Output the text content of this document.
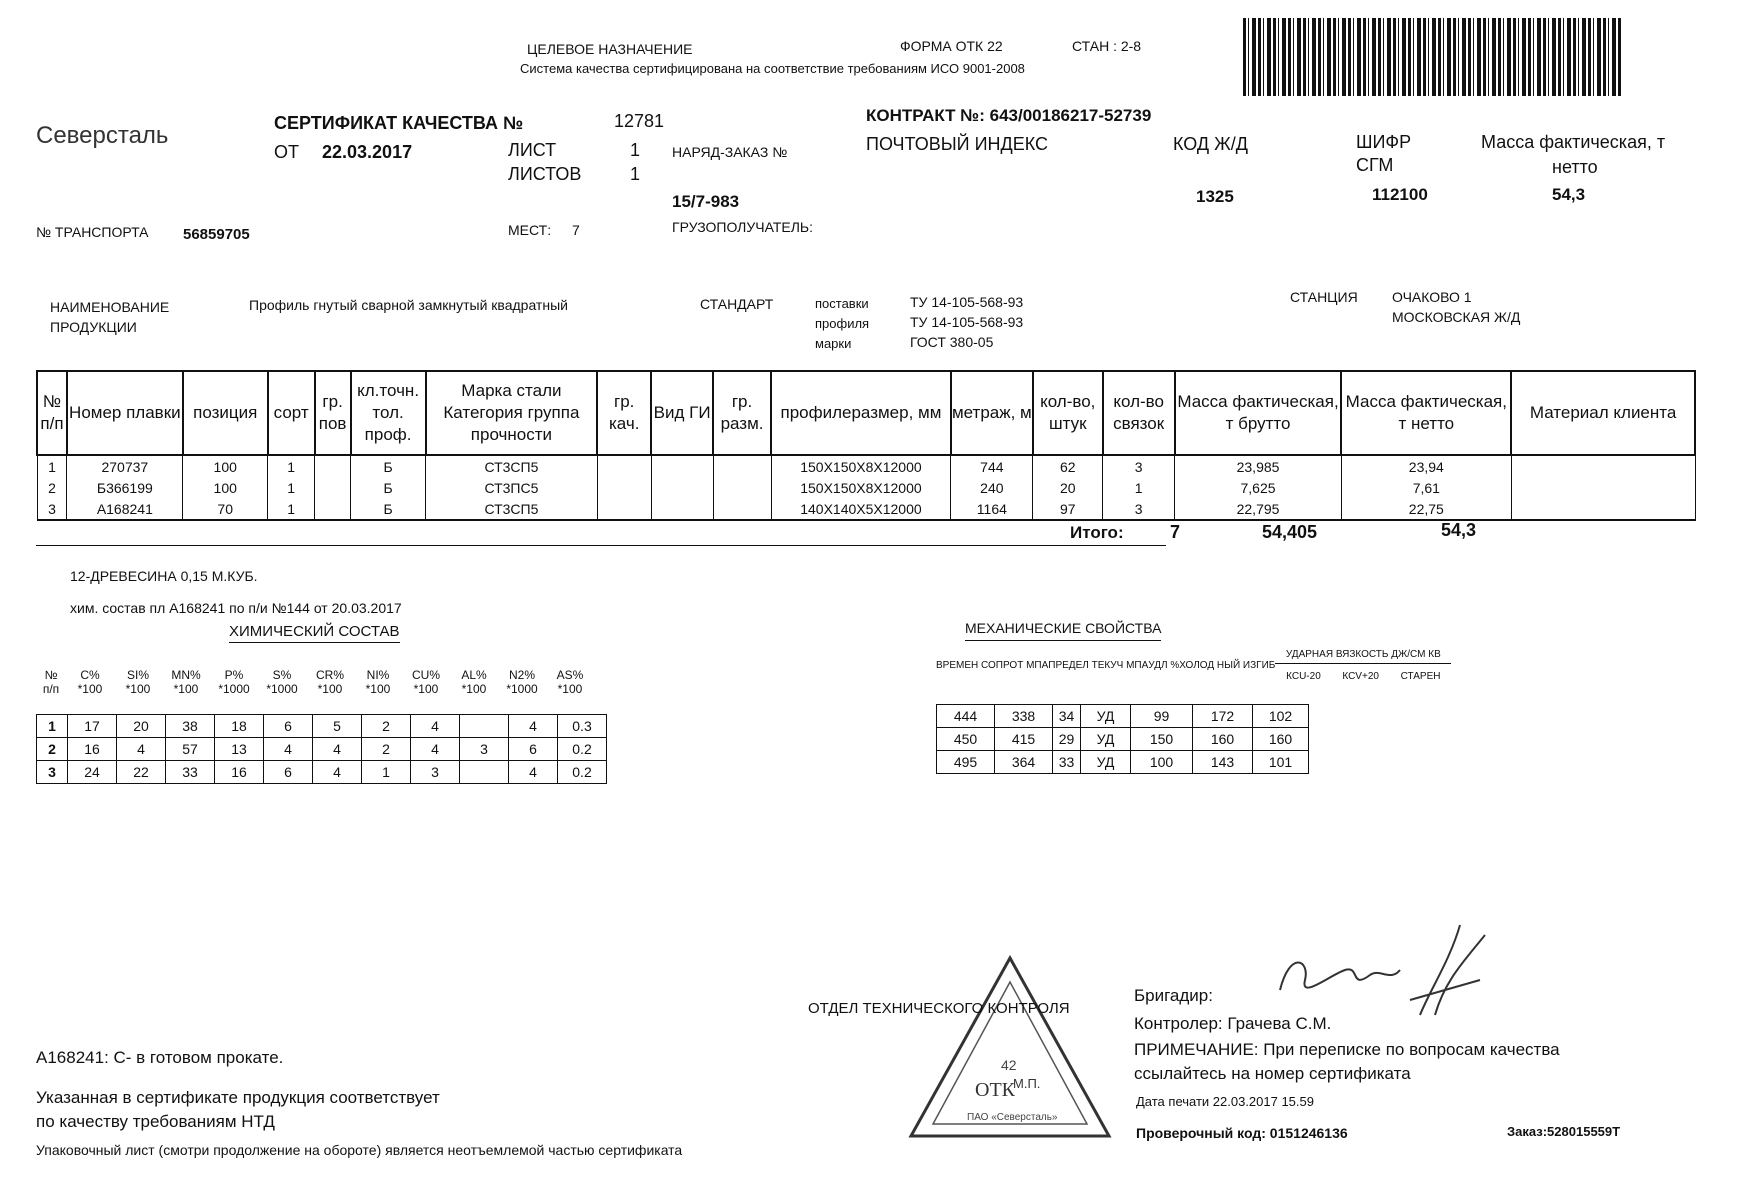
ЦЕЛЕВОЕ НАЗНАЧЕНИЕ	ФОРМА ОТК 22	СТАН : 2-8
Система качества сертифицирована на соответствие требованиям ИСО 9001-2008
Северсталь	СЕРТИФИКАТ КАЧЕСТВА №	12781
ОТ 22.03.2017	ЛИСТ	1
ЛИСТОВ	1
НАРЯД-ЗАКАЗ №
15/7-983
КОНТРАКТ №: 643/00186217-52739
ПОЧТОВЫЙ ИНДЕКС	КОД Ж/Д
1325
ШИФР
СГМ
112100
Масса фактическая, т
нетто
54,3
№ ТРАНСПОРТА 56859705	МЕСТ: 7	ГРУЗОПОЛУЧАТЕЛЬ:
НАИМЕНОВАНИЕ
ПРОДУКЦИИ
Профиль гнутый сварной замкнутый квадратный	СТАНДАРТ	поставки	ТУ 14-105-568-93
профиля	ТУ 14-105-568-93
марки	ГОСТ 380-05
СТАНЦИЯ ОЧАКОВО 1
МОСКОВСКАЯ Ж/Д
№ п/п	Номер плавки	позиция	сорт	гр. пов	кл.точн. тол. проф.	Марка стали Категория группа прочности	гр. кач.	Вид ГИ	гр. разм.	профилеразмер, мм	метраж, м	кол-во, штук	кол-во связок	Масса фактическая, т брутто	Масса фактическая, т нетто	Материал клиента
1	270737	100	1		Б	СТ3СП5				150Х150Х8Х12000	744	62	3	23,985	23,94	
2	Б366199	100	1		Б	СТ3ПС5				150Х150Х8Х12000	240	20	1	7,625	7,61	
3	А168241	70	1		Б	СТ3СП5				140Х140Х5Х12000	1164	97	3	22,795	22,75	
Итого:	7	54,405	54,3
12-ДРЕВЕСИНА 0,15 М.КУБ.
хим. состав пл А168241 по п/и №144 от 20.03.2017
ХИМИЧЕСКИЙ СОСТАВ
№	С%	SI%	MN%	P%	S%	CR%	NI%	CU%	AL%	N2%	AS%
п/п	*100	*100	*100	*1000	*1000	*100	*100	*100	*100	*1000	*100
1	17	20	38	18	6	5	2	4		4	0.3
2	16	4	57	13	4	4	2	4	3	6	0.2
3	24	22	33	16	6	4	1	3		4	0.2
МЕХАНИЧЕСКИЕ СВОЙСТВА
ВРЕМЕН СОПРОТ МПА	ПРЕДЕЛ ТЕКУЧ МПА	УДЛ %	ХОЛОД НЫЙ ИЗГИБ	
УДАРНАЯ ВЯЗКОСТЬ ДЖ/СМ КВ
КСU-20 КСV+20 СТАРЕН
444	338	34	УД	99	172	102
450	415	29	УД	150	160	160
495	364	33	УД	100	143	101
42
ОТК
М.П.
ПАО «Северсталь»
ОТДЕЛ ТЕХНИЧЕСКОГО КОНТРОЛЯ
Бригадир:
Контролер: Грачева С.М.
ПРИМЕЧАНИЕ: При переписке по вопросам качества
ссылайтесь на номер сертификата
Дата печати 22.03.2017 15.59
Проверочный код: 0151246136	Заказ:528015559Т
А168241: С- в готовом прокате.
Указанная в сертификате продукция соответствует
по качеству требованиям НТД
Упаковочный лист (смотри продолжение на обороте) является неотъемлемой частью сертификата
